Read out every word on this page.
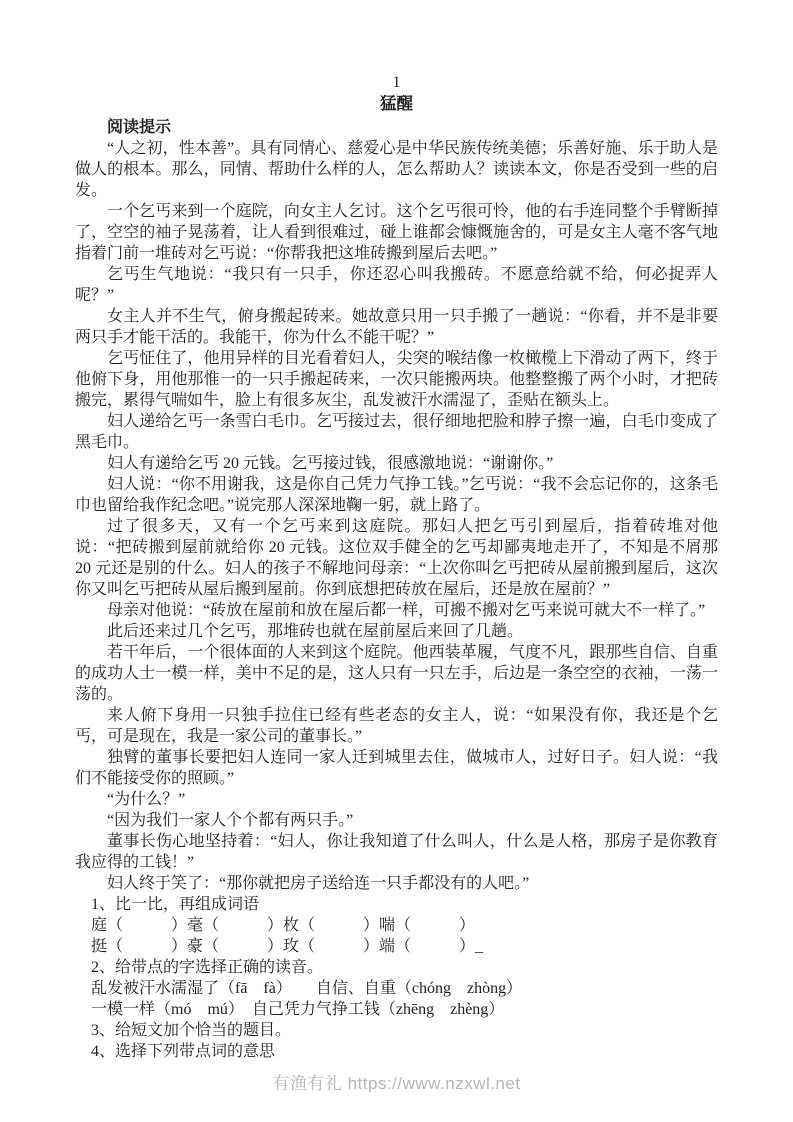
1

猛醒

阅读提示

“人之初，性本善”。具有同情心、慈爱心是中华民族传统美德；乐善好施、乐于助人是做人的根本。那么，同情、帮助什么样的人，怎么帮助人？读读本文，你是否受到一些的启发。

一个乞丐来到一个庭院，向女主人乞讨。这个乞丐很可怜，他的右手连同整个手臂断掉了，空空的袖子晃荡着，让人看到很难过，碰上谁都会慷慨施舍的，可是女主人毫不客气地指着门前一堆砖对乞丐说：“你帮我把这堆砖搬到屋后去吧。”

乞丐生气地说：“我只有一只手，你还忍心叫我搬砖。不愿意给就不给，何必捉弄人呢？”

女主人并不生气，俯身搬起砖来。她故意只用一只手搬了一趟说：“你看，并不是非要两只手才能干活的。我能干，你为什么不能干呢？”

乞丐怔住了，他用异样的目光看着妇人，尖突的喉结像一枚橄榄上下滑动了两下，终于他俯下身，用他那惟一的一只手搬起砖来，一次只能搬两块。他整整搬了两个小时，才把砖搬完，累得气喘如牛，脸上有很多灰尘，乱发被汗水濡湿了，歪贴在额头上。

妇人递给乞丐一条雪白毛巾。乞丐接过去，很仔细地把脸和脖子擦一遍，白毛巾变成了黑毛巾。

妇人有递给乞丐 20 元钱。乞丐接过钱，很感激地说：“谢谢你。”

妇人说：“你不用谢我，这是你自己凭力气挣工钱。”乞丐说：“我不会忘记你的，这条毛巾也留给我作纪念吧。”说完那人深深地鞠一躬，就上路了。

过了很多天，又有一个乞丐来到这庭院。那妇人把乞丐引到屋后，指着砖堆对他说：“把砖搬到屋前就给你 20 元钱。这位双手健全的乞丐却鄙夷地走开了，不知是不屑那 20 元还是别的什么。妇人的孩子不解地问母亲：“上次你叫乞丐把砖从屋前搬到屋后，这次你又叫乞丐把砖从屋后搬到屋前。你到底想把砖放在屋后，还是放在屋前？”

母亲对他说：“砖放在屋前和放在屋后都一样，可搬不搬对乞丐来说可就大不一样了。”

此后还来过几个乞丐，那堆砖也就在屋前屋后来回了几趟。

若干年后，一个很体面的人来到这个庭院。他西装革履，气度不凡，跟那些自信、自重的成功人士一模一样，美中不足的是，这人只有一只左手，后边是一条空空的衣袖，一荡一荡的。

来人俯下身用一只独手拉住已经有些老态的女主人，说：“如果没有你，我还是个乞丐，可是现在，我是一家公司的董事长。”

独臂的董事长要把妇人连同一家人迁到城里去住，做城市人，过好日子。妇人说：“我们不能接受你的照顾。”

“为什么？”

“因为我们一家人个个都有两只手。”

董事长伤心地坚持着：“妇人，你让我知道了什么叫人，什么是人格，那房子是你教育我应得的工钱！”

妇人终于笑了：“那你就把房子送给连一只手都没有的人吧。”

1、比一比，再组成词语

庭（　　　）毫（　　　）枚（　　　）喘（　　　）

挺（　　　）豪（　　　）玫（　　　）端（　　　）_

2、给带点的字选择正确的读音。

乱发被汗水濡湿了（fā　fà）　　自信、自重（chóng　zhòng）

一模一样（mó　mú）　自己凭力气挣工钱（zhēng　zhèng）

3、给短文加个恰当的题目。

4、选择下列带点词的意思

有渔有礼 https://www.nzxwl.net
